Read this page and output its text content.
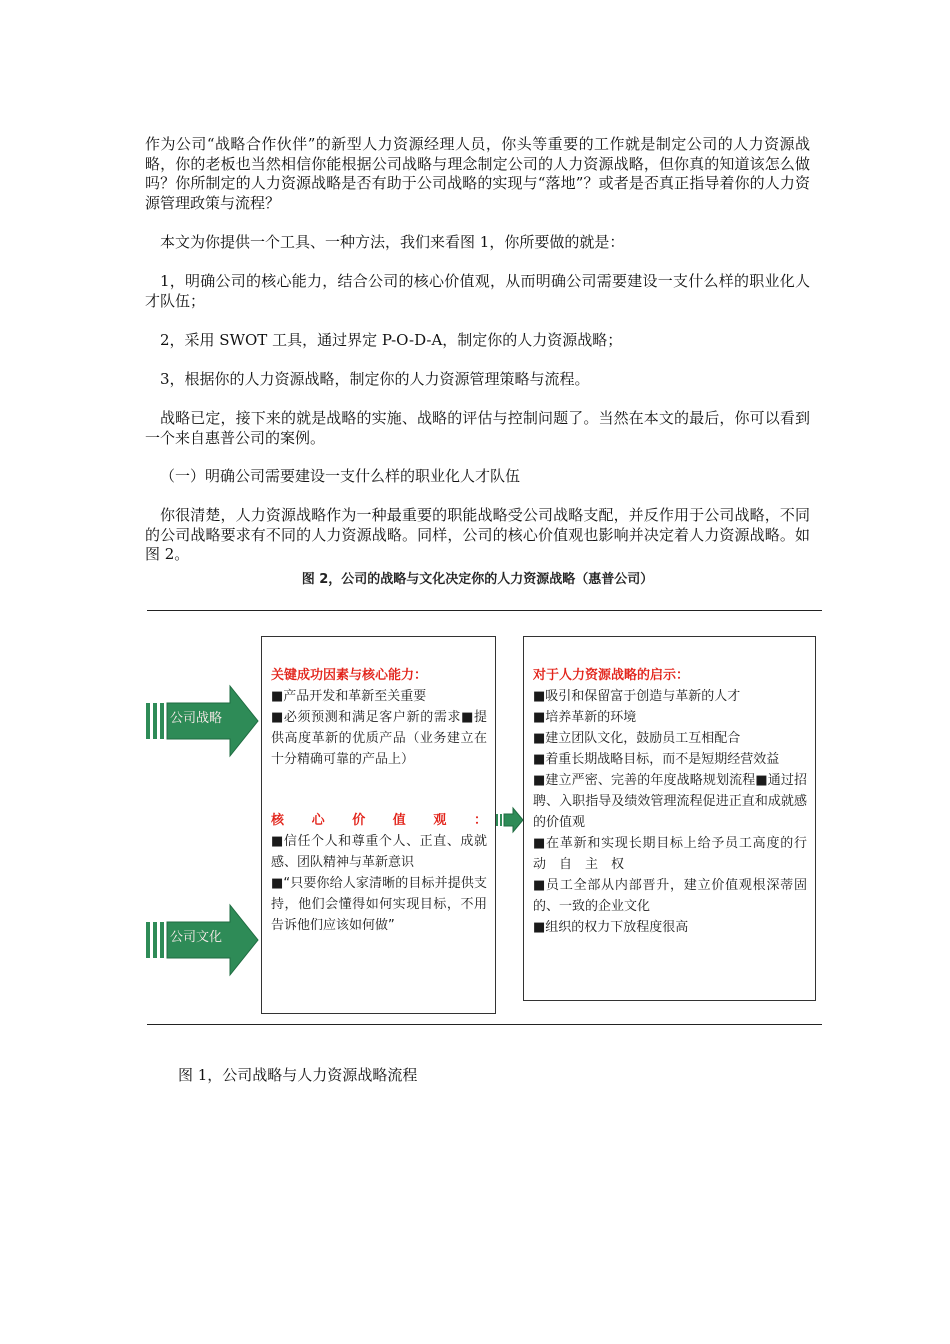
作为公司“战略合作伙伴”的新型人力资源经理人员，你头等重要的工作就是制定公司的人力资源战略，你的老板也当然相信你能根据公司战略与理念制定公司的人力资源战略，但你真的知道该怎么做吗？你所制定的人力资源战略是否有助于公司战略的实现与“落地”？或者是否真正指导着你的人力资源管理政策与流程？

本文为你提供一个工具、一种方法，我们来看图 1，你所要做的就是：

1，明确公司的核心能力，结合公司的核心价值观，从而明确公司需要建设一支什么样的职业化人才队伍；

2，采用 SWOT 工具，通过界定 P-O-D-A，制定你的人力资源战略；

3，根据你的人力资源战略，制定你的人力资源管理策略与流程。

战略已定，接下来的就是战略的实施、战略的评估与控制问题了。当然在本文的最后，你可以看到一个来自惠普公司的案例。

（一）明确公司需要建设一支什么样的职业化人才队伍

你很清楚，人力资源战略作为一种最重要的职能战略受公司战略支配，并反作用于公司战略，不同的公司战略要求有不同的人力资源战略。同样，公司的核心价值观也影响并决定着人力资源战略。如图 2。

图 2，公司的战略与文化决定你的人力资源战略（惠普公司）
公司战略
公司文化

关键成功因素与核心能力：

■产品开发和革新至关重要

■必须预测和满足客户新的需求■提供高度革新的优质产品（业务建立在十分精确可靠的产品上）

核　心　价　值　观　：

■信任个人和尊重个人、正直、成就感、团队精神与革新意识

■“只要你给人家清晰的目标并提供支持，他们会懂得如何实现目标，不用告诉他们应该如何做”

对于人力资源战略的启示：

■吸引和保留富于创造与革新的人才

■培养革新的环境

■建立团队文化，鼓励员工互相配合

■着重长期战略目标，而不是短期经营效益

■建立严密、完善的年度战略规划流程■通过招聘、入职指导及绩效管理流程促进正直和成就感的价值观

■在革新和实现长期目标上给予员工高度的行　动　自　主　权

■员工全部从内部晋升，建立价值观根深蒂固的、一致的企业文化

■组织的权力下放程度很高

图 1，公司战略与人力资源战略流程
